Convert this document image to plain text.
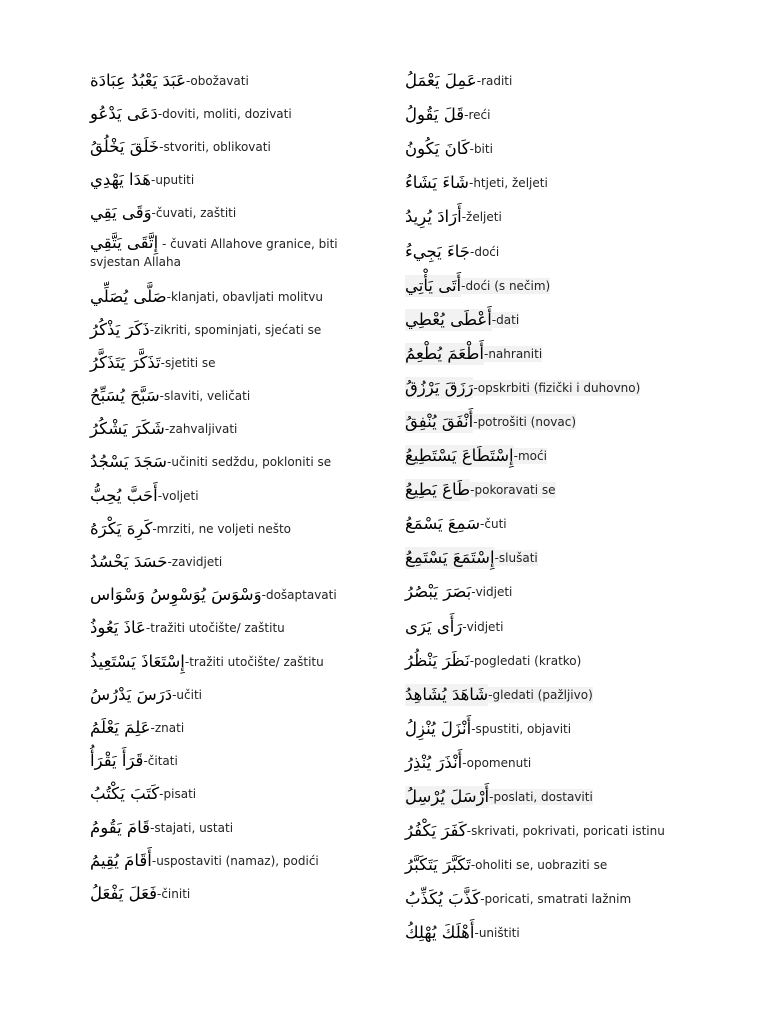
عَبَدَ يَعْبُدُ عِبَادَة - obožavati
دَعَى يَدْعُو - doviti, moliti, dozivati
خَلَقَ يَخْلُقُ - stvoriti, oblikovati
هَدَا يَهْدِي - uputiti
وَقَى يَقِي - čuvati, zaštiti
إِتَّقَى يَتَّقِي - čuvati Allahove granice, biti svjestan Allaha
صَلَّى يُصَلِّي - klanjati, obavljati molitvu
ذَكَرَ يَذْكُرُ - zikriti, spominjati, sjećati se
تَذَكَّرَ يَتَذَكَّرُ - sjetiti se
سَبَّحَ يُسَبِّحُ - slaviti, veličati
شَكَرَ يَشْكُرُ - zahvaljivati
سَجَدَ يَسْجُدُ - učiniti sedždu, pokloniti se
أَحَبَّ يُحِبُّ - voljeti
كَرِهَ يَكْرَهُ - mrziti, ne voljeti nešto
حَسَدَ يَحْسُدُ - zavidjeti
وَسْوَسَ يُوَسْوِسُ وَسْوَاس - došaptavati
عَاذَ يَعُوذُ - tražiti utočište/ zaštitu
إِسْتَعَاذَ يَسْتَعِيذُ - tražiti utočište/ zaštitu
دَرَسَ يَدْرُسُ - učiti
عَلِمَ يَعْلَمُ - znati
قَرَأَ يَقْرَأُ - čitati
كَتَبَ يَكْتُبُ - pisati
قَامَ يَقُومُ - stajati, ustati
أَقَامَ يُقِيمُ - uspostaviti (namaz), podići
فَعَلَ يَفْعَلُ - činiti
عَمِلَ يَعْمَلُ - raditi
قَلَ يَقُولُ - reći
كَانَ يَكُونُ - biti
شَاءَ يَشَاءُ - htjeti, željeti
أَرَادَ يُرِيدُ - željeti
جَاءَ يَجِيءُ - doći
أَتَى يَأْتِي - doći (s nečim)
أَعْطَى يُعْطِي - dati
أَطْعَمَ يُطْعِمُ - nahraniti
رَزَقَ يَرْزُقُ - opskrbiti (fizički i duhovno)
أَنْفَقَ يُنْفِقُ - potrošiti (novac)
إِسْتَطَاعَ يَسْتَطِيعُ - moći
طَاعَ يَطِيعُ - pokoravati se
سَمِعَ يَسْمَعُ - čuti
إِسْتَمَعَ يَسْتَمِعُ - slušati
بَصَرَ يَبْصُرُ - vidjeti
رَأَى يَرَى - vidjeti
نَظَرَ يَنْظُرُ - pogledati (kratko)
شَاهَدَ يُشَاهِدُ - gledati (pažljivo)
أَنْزَلَ يُنْزِلُ - spustiti, objaviti
أَنْذَرَ يُنْذِرُ - opomenuti
أَرْسَلَ يُرْسِلُ - poslati, dostaviti
كَفَرَ يَكْفُرُ - skrivati, pokrivati, poricati istinu
تَكَبَّرَ يَتَكَبَّرُ - oholiti se, uobraziti se
كَذَّبَ يُكَذِّبُ - poricati, smatrati lažnim
أَهْلَكَ يُهْلِكُ - uništiti
